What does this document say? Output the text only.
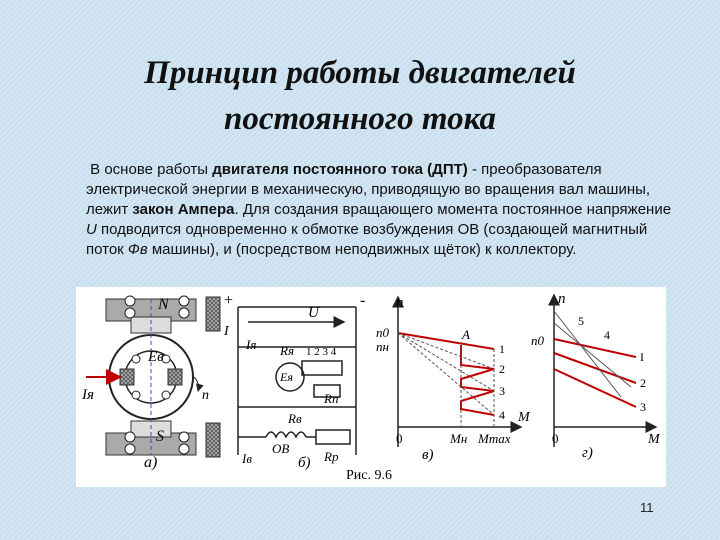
Принцип работы двигателей
постоянного тока
В основе работы двигателя постоянного тока (ДПТ) - преобразователя электрической энергии в механическую, приводящую во вращения вал машины, лежит закон Ампера. Для создания вращающего момента постоянное напряжение U подводится одновременно к обмотке возбуждения ОВ (создающей магнитный поток Фв машины), и (посредством неподвижных щёток) к коллектору.
N
S
Eв
Iя	n
а)
+	-
U
I
Iя Rя 1 2 3 4
Eя
Rп
Rв
ОВ
Iв	Rр
б)
n
n0
nн
A
1
2
3
4
0	Mн Mmax
M
в)
n
n0
5
4
I
2
3
0	M
г)
Рис. 9.6
11
